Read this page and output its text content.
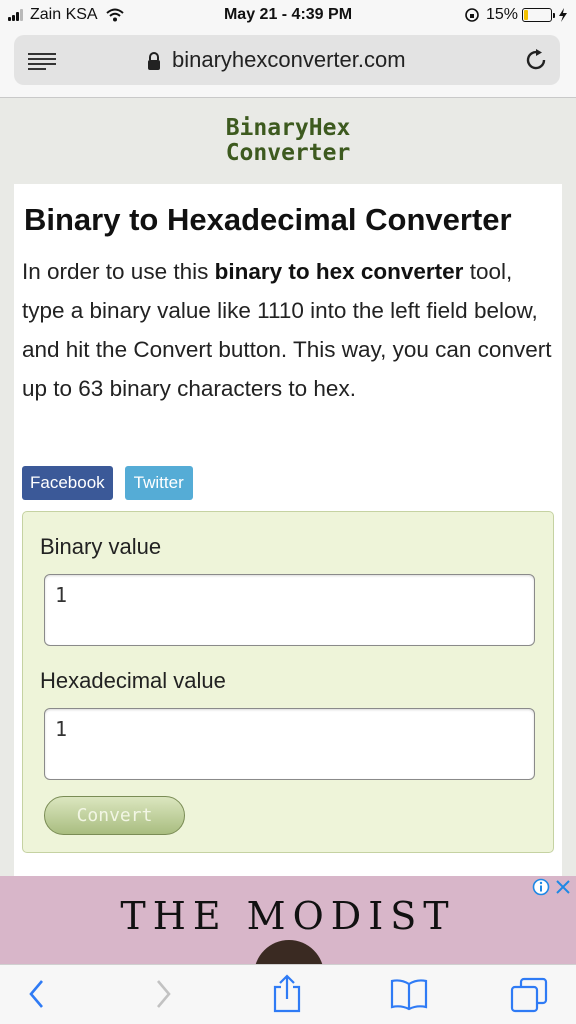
Zain KSA	May 21 - 4:39 PM	15%
binaryhexconverter.com
BinaryHex
Converter
Binary to Hexadecimal Converter
In order to use this binary to hex converter tool, type a binary value like 1110 into the left field below, and hit the Convert button. This way, you can convert up to 63 binary characters to hex.
Facebook	Twitter
Binary value
1
Hexadecimal value
1
Convert
THE MODIST
